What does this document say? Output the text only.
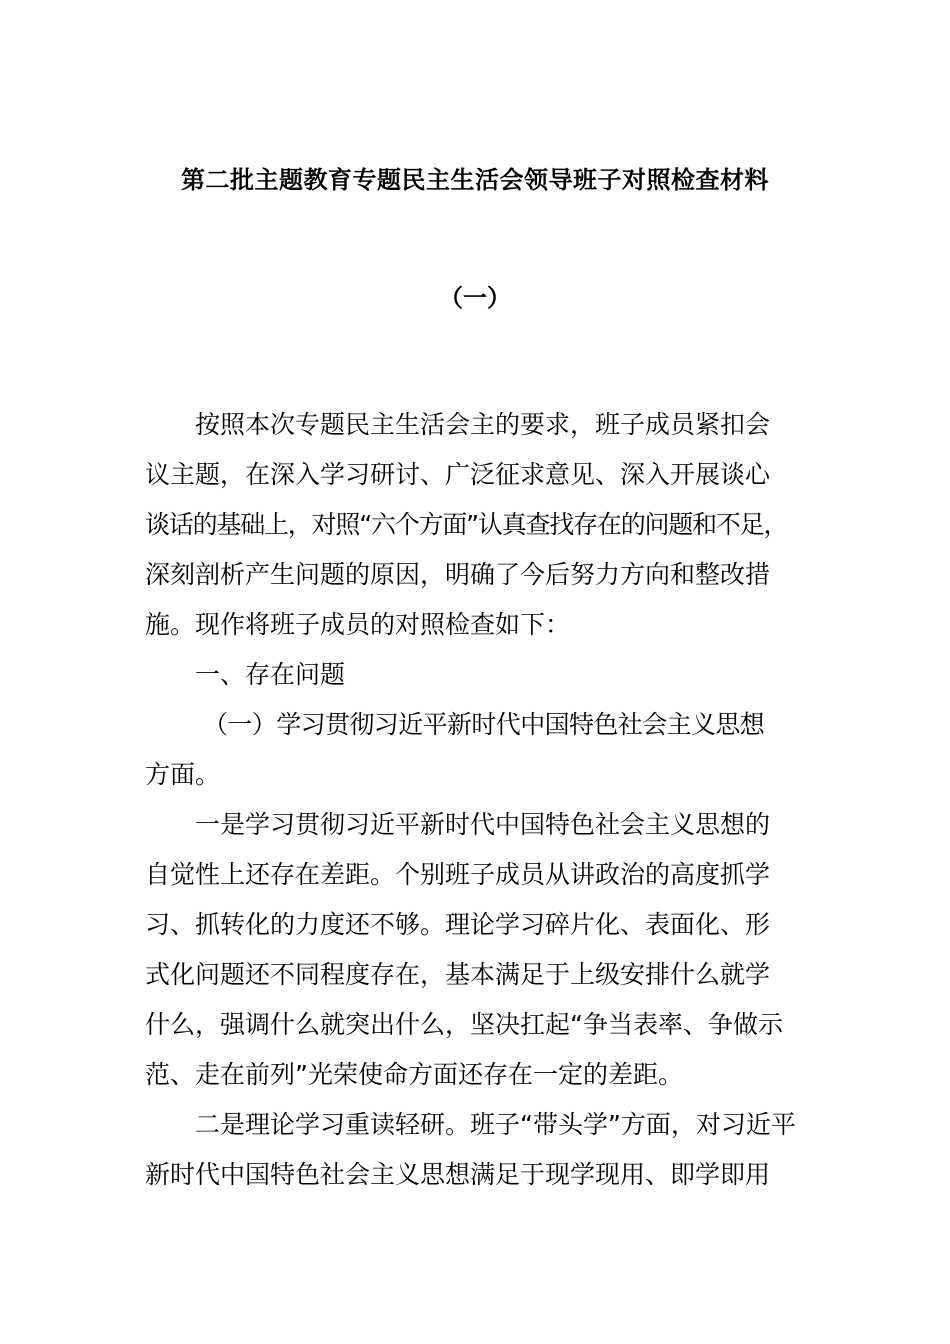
第二批主题教育专题民主生活会领导班子对照检查材料
（一）
按照本次专题民主生活会主的要求，班子成员紧扣会
议主题，在深入学习研讨、广泛征求意见、深入开展谈心
谈话的基础上，对照“六个方面”认真查找存在的问题和不足，
深刻剖析产生问题的原因，明确了今后努力方向和整改措
施。现作将班子成员的对照检查如下：
一、存在问题
（一）学习贯彻习近平新时代中国特色社会主义思想
方面。
一是学习贯彻习近平新时代中国特色社会主义思想的
自觉性上还存在差距。个别班子成员从讲政治的高度抓学
习、抓转化的力度还不够。理论学习碎片化、表面化、形
式化问题还不同程度存在，基本满足于上级安排什么就学
什么，强调什么就突出什么，坚决扛起“争当表率、争做示
范、走在前列”光荣使命方面还存在一定的差距。
二是理论学习重读轻研。班子“带头学”方面，对习近平
新时代中国特色社会主义思想满足于现学现用、即学即用
